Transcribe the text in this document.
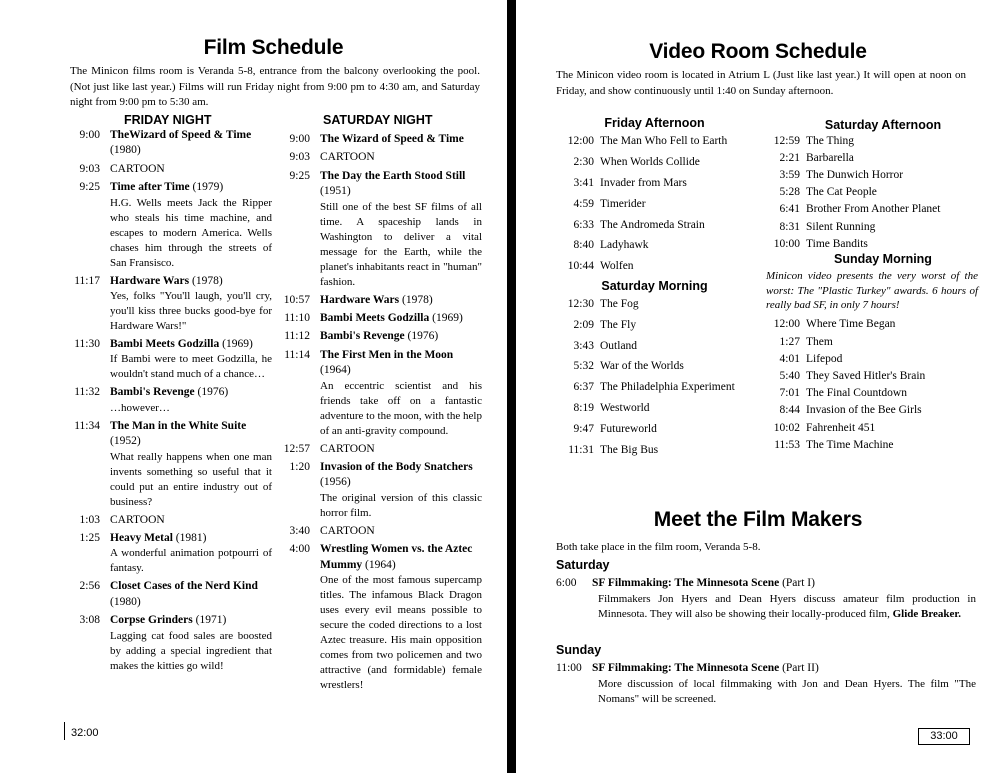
Film Schedule

The Minicon films room is Veranda 5-8, entrance from the balcony overlooking the pool. (Not just like last year.) Films will run Friday night from 9:00 pm to 4:30 am, and Saturday night from 9:00 pm to 5:30 am.

FRIDAY NIGHT	SATURDAY NIGHT
9:00 TheWizard of Speed & Time (1980)
9:03 CARTOON
9:25 Time after Time (1979)
H.G. Wells meets Jack the Ripper who steals his time machine, and escapes to modern America. Wells chases him through the streets of San Fransisco.
11:17 Hardware Wars (1978)
Yes, folks "You'll laugh, you'll cry, you'll kiss three bucks good-bye for Hardware Wars!"
11:30 Bambi Meets Godzilla (1969)
If Bambi were to meet Godzilla, he wouldn't stand much of a chance…
11:32 Bambi's Revenge (1976)
…however…
11:34 The Man in the White Suite (1952)
What really happens when one man invents something so useful that it could put an entire industry out of business?
1:03 CARTOON
1:25 Heavy Metal (1981)
A wonderful animation potpourri of fantasy.
2:56 Closet Cases of the Nerd Kind (1980)
3:08 Corpse Grinders (1971)
Lagging cat food sales are boosted by adding a special ingredient that makes the kitties go wild!
9:00 The Wizard of Speed & Time
9:03 CARTOON
9:25 The Day the Earth Stood Still (1951)
Still one of the best SF films of all time. A spaceship lands in Washington to deliver a vital message for the Earth, while the planet's inhabitants react in "human" fashion.
10:57 Hardware Wars (1978)
11:10 Bambi Meets Godzilla (1969)
11:12 Bambi's Revenge (1976)
11:14 The First Men in the Moon (1964)
An eccentric scientist and his friends take off on a fantastic adventure to the moon, with the help of an anti-gravity compound.
12:57 CARTOON
1:20 Invasion of the Body Snatchers (1956)
The original version of this classic horror film.
3:40 CARTOON
4:00 Wrestling Women vs. the Aztec Mummy (1964)
One of the most famous supercamp titles. The infamous Black Dragon uses every evil means possible to secure the coded directions to a lost Aztec treasure. His main opposition comes from two policemen and two attractive (and formidable) female wrestlers!
32:00
Video Room Schedule

The Minicon video room is located in Atrium L (Just like last year.) It will open at noon on Friday, and show continuously until 1:40 on Sunday afternoon.

Friday Afternoon
12:00 The Man Who Fell to Earth
2:30 When Worlds Collide
3:41 Invader from Mars
4:59 Timerider
6:33 The Andromeda Strain
8:40 Ladyhawk
10:44 Wolfen
Saturday Morning
12:30 The Fog
2:09 The Fly
3:43 Outland
5:32 War of the Worlds
6:37 The Philadelphia Experiment
8:19 Westworld
9:47 Futureworld
11:31 The Big Bus
Saturday Afternoon
12:59 The Thing
2:21 Barbarella
3:59 The Dunwich Horror
5:28 The Cat People
6:41 Brother From Another Planet
8:31 Silent Running
10:00 Time Bandits
Sunday Morning

Minicon video presents the very worst of the worst: The "Plastic Turkey" awards. 6 hours of really bad SF, in only 7 hours!

12:00 Where Time Began
1:27 Them
4:01 Lifepod
5:40 They Saved Hitler's Brain
7:01 The Final Countdown
8:44 Invasion of the Bee Girls
10:02 Fahrenheit 451
11:53 The Time Machine
Meet the Film Makers

Both take place in the film room, Veranda 5-8.

Saturday
6:00	SF Filmmaking: The Minnesota Scene (Part I)

Filmmakers Jon Hyers and Dean Hyers discuss amateur film production in Minnesota. They will also be showing their locally-produced film, Glide Breaker.

Sunday
11:00 SF Filmmaking: The Minnesota Scene (Part II)

More discussion of local filmmaking with Jon and Dean Hyers. The film "The Nomans" will be screened.

33:00
